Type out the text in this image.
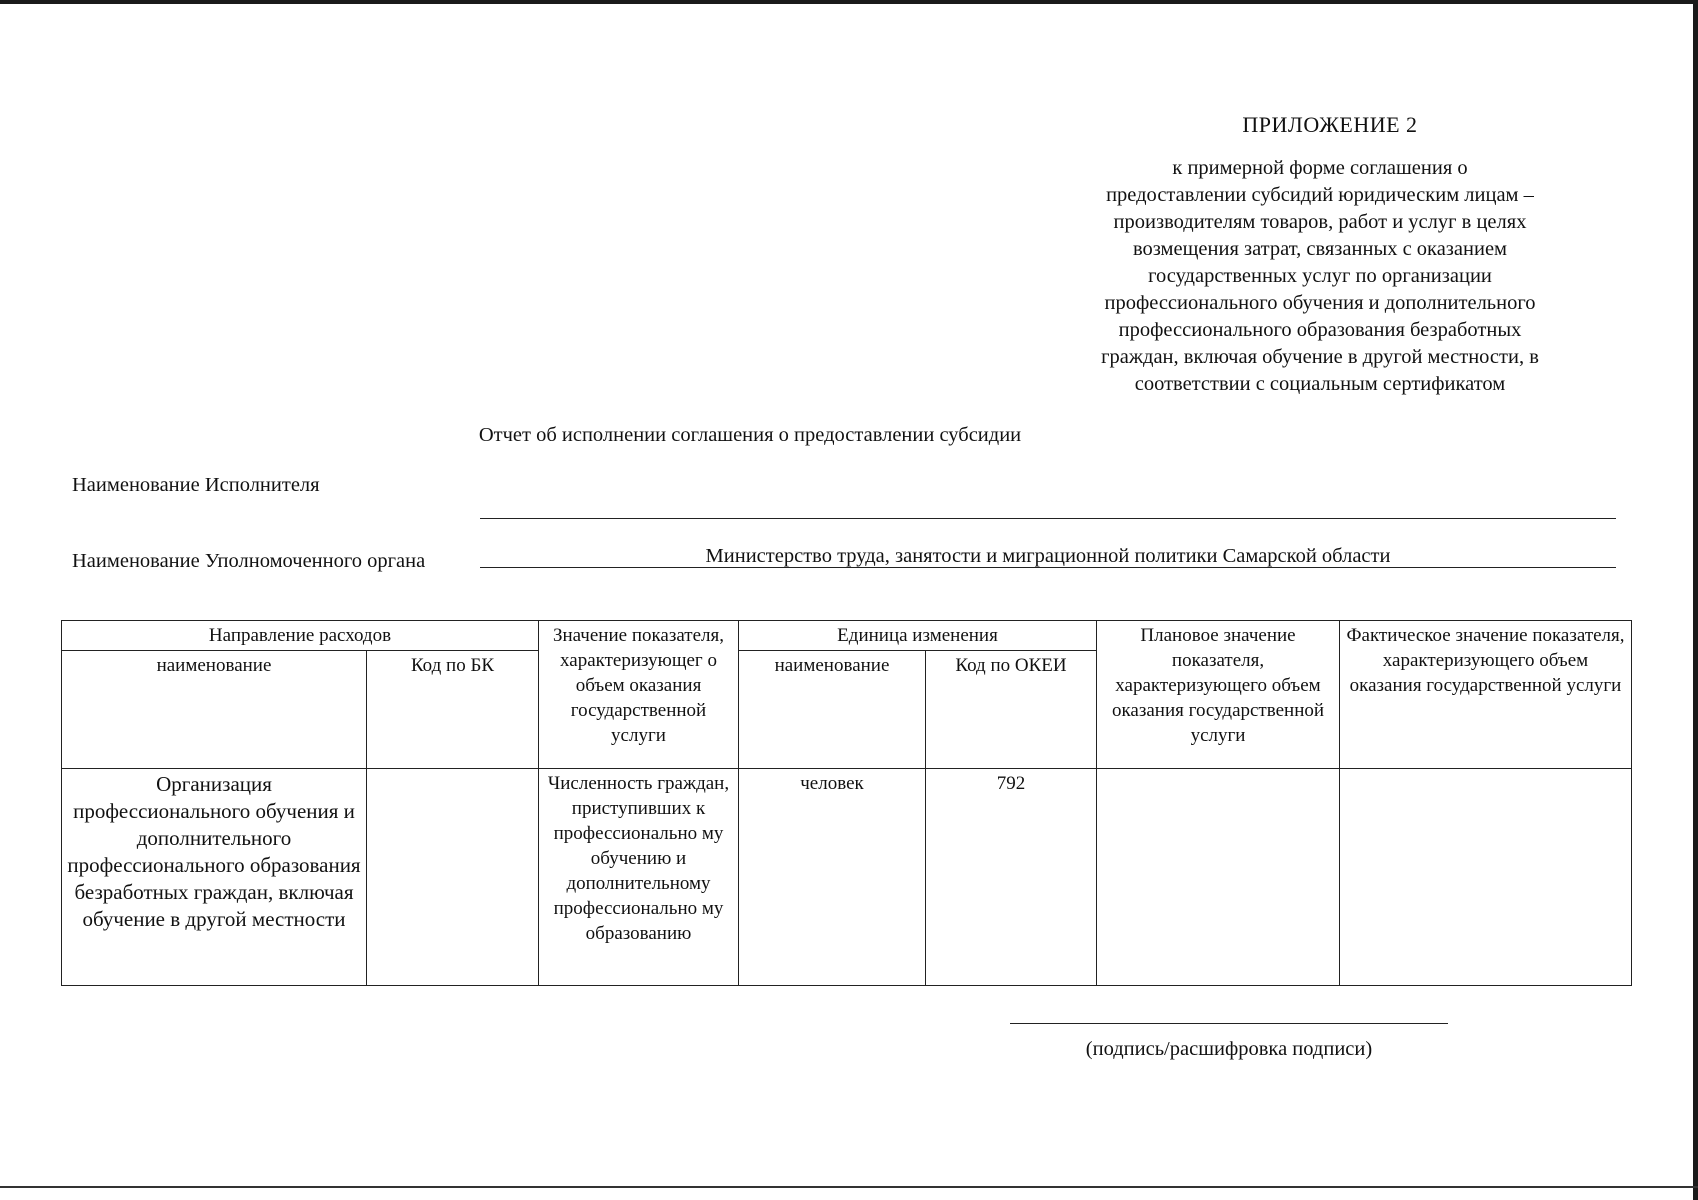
ПРИЛОЖЕНИЕ 2
к примерной форме соглашения о
предоставлении субсидий юридическим лицам –
производителям товаров, работ и услуг в целях
возмещения затрат, связанных с оказанием
государственных услуг по организации
профессионального обучения и дополнительного
профессионального образования безработных
граждан, включая обучение в другой местности, в
соответствии с социальным сертификатом
Отчет об исполнении соглашения о предоставлении субсидии
Наименование Исполнителя
Наименование Уполномоченного органа	Министерство труда, занятости и миграционной политики Самарской области
Направление расходов		Значение показателя, характеризующег о объем оказания государственной услуги	Единица изменения		Плановое значение показателя, характеризующего объем оказания государственной услуги	Фактическое значение показателя, характеризующего объем оказания государственной услуги
наименование	Код по БК		наименование	Код по ОКЕИ		
Организация профессионального обучения и дополнительного профессионального образования безработных граждан, включая обучение в другой местности		Численность граждан, приступивших к профессионально му обучению и дополнительному профессионально му образованию	человек	792		
(подпись/расшифровка подписи)
